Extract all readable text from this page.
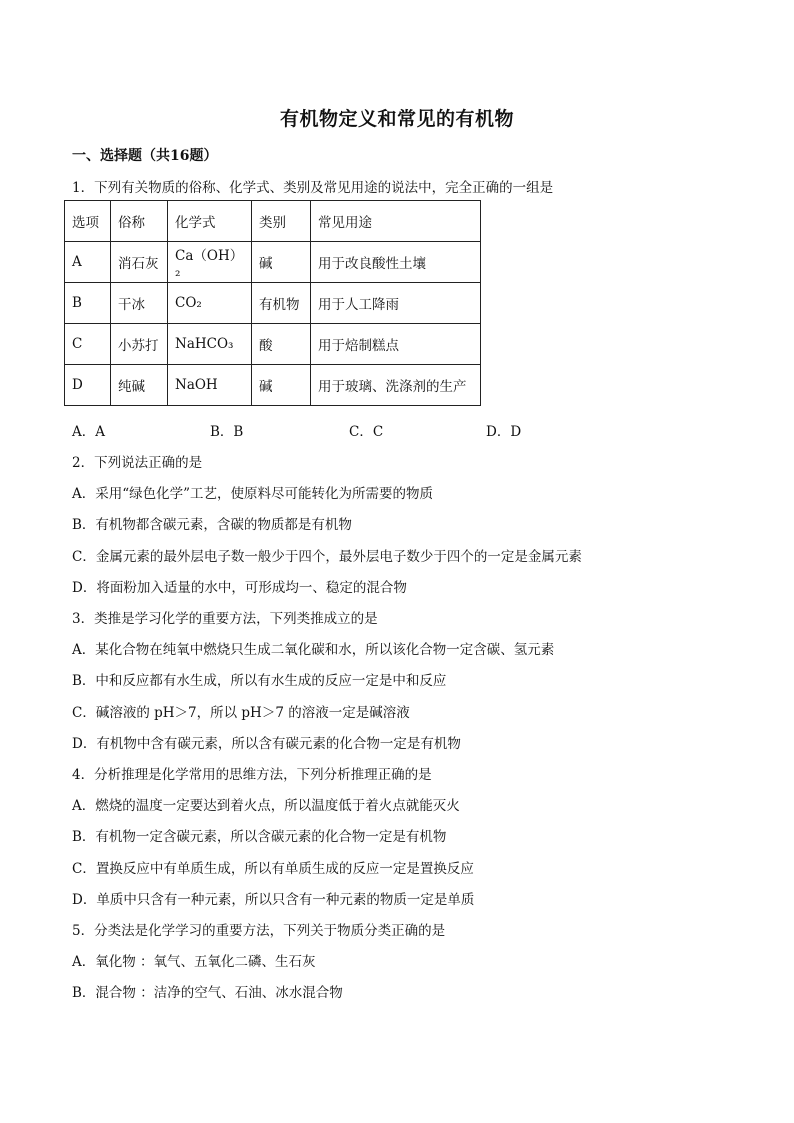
有机物定义和常见的有机物
一、选择题（共16题）
1．下列有关物质的俗称、化学式、类别及常见用途的说法中，完全正确的一组是
选项	俗称	化学式	类别	常见用途
A	消石灰	Ca（OH）₂	碱	用于改良酸性土壤
B	干冰	CO₂	有机物	用于人工降雨
C	小苏打	NaHCO₃	酸	用于焙制糕点
D	纯碱	NaOH	碱	用于玻璃、洗涤剂的生产
A．A	B．B	C．C	D．D
2．下列说法正确的是
A．采用“绿色化学”工艺，使原料尽可能转化为所需要的物质
B．有机物都含碳元素，含碳的物质都是有机物
C．金属元素的最外层电子数一般少于四个，最外层电子数少于四个的一定是金属元素
D．将面粉加入适量的水中，可形成均一、稳定的混合物
3．类推是学习化学的重要方法，下列类推成立的是
A．某化合物在纯氧中燃烧只生成二氧化碳和水，所以该化合物一定含碳、氢元素
B．中和反应都有水生成，所以有水生成的反应一定是中和反应
C．碱溶液的 pH＞7，所以 pH＞7 的溶液一定是碱溶液
D．有机物中含有碳元素，所以含有碳元素的化合物一定是有机物
4．分析推理是化学常用的思维方法，下列分析推理正确的是
A．燃烧的温度一定要达到着火点，所以温度低于着火点就能灭火
B．有机物一定含碳元素，所以含碳元素的化合物一定是有机物
C．置换反应中有单质生成，所以有单质生成的反应一定是置换反应
D．单质中只含有一种元素，所以只含有一种元素的物质一定是单质
5．分类法是化学学习的重要方法，下列关于物质分类正确的是
A．氧化物 ：氧气、五氧化二磷、生石灰
B．混合物 ：洁净的空气、石油、冰水混合物
